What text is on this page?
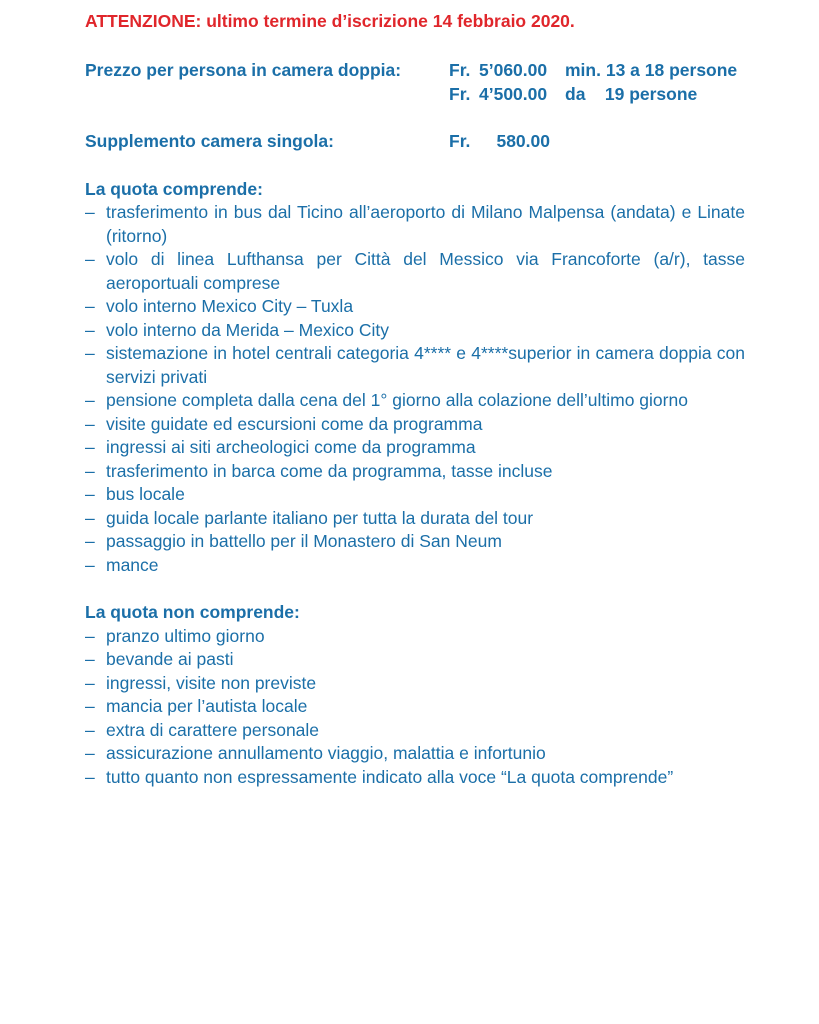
ATTENZIONE: ultimo termine d’iscrizione 14 febbraio 2020.

Prezzo per persona in camera doppia:	Fr. 5’060.00	min. 13 a 18 persone
Fr. 4’500.00	da    19 persone
Supplemento camera singola:	Fr.	580.00

La quota comprende:

– trasferimento in bus dal Ticino all’aeroporto di Milano Malpensa (andata) e Linate (ritorno)
– volo di linea Lufthansa per Città del Messico via Francoforte (a/r), tasse aeroportuali comprese
– volo interno Mexico City – Tuxla
– volo interno da Merida – Mexico City
– sistemazione in hotel centrali categoria 4**** e 4****superior in camera doppia con servizi privati
– pensione completa dalla cena del 1° giorno alla colazione dell’ultimo giorno
– visite guidate ed escursioni come da programma
– ingressi ai siti archeologici come da programma
– trasferimento in barca come da programma, tasse incluse
– bus locale
– guida locale parlante italiano per tutta la durata del tour
– passaggio in battello per il Monastero di San Neum
– mance

La quota non comprende:

– pranzo ultimo giorno
– bevande ai pasti
– ingressi, visite non previste
– mancia per l’autista locale
– extra di carattere personale
– assicurazione annullamento viaggio, malattia e infortunio
– tutto quanto non espressamente indicato alla voce “La quota comprende”
